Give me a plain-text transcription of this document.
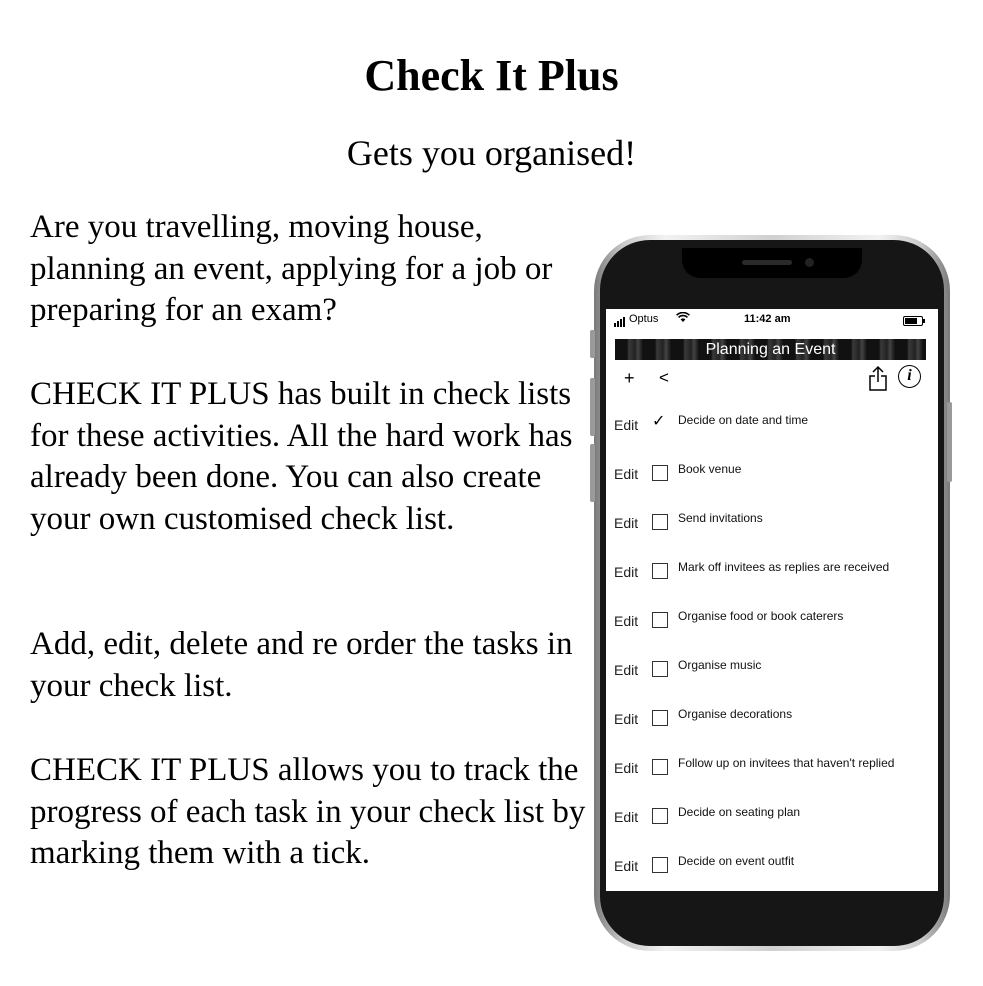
Check It Plus
Gets you organised!
Are you travelling, moving house, planning an event, applying for a job or preparing for an exam?
CHECK IT PLUS has built in check lists for these activities. All the hard work has already been done. You can also create your own customised check list.
Add, edit, delete and re order the tasks in your check list.
CHECK IT PLUS allows you to track the progress of each task in your check list by marking them with a tick.
Optus	11:42 am
Planning an Event
+ <	i
Edit ✓ Decide on date and time
Edit	Book venue
Edit	Send invitations
Edit	Mark off invitees as replies are received
Edit	Organise food or book caterers
Edit	Organise music
Edit	Organise decorations
Edit	Follow up on invitees that haven't replied
Edit	Decide on seating plan
Edit	Decide on event outfit
